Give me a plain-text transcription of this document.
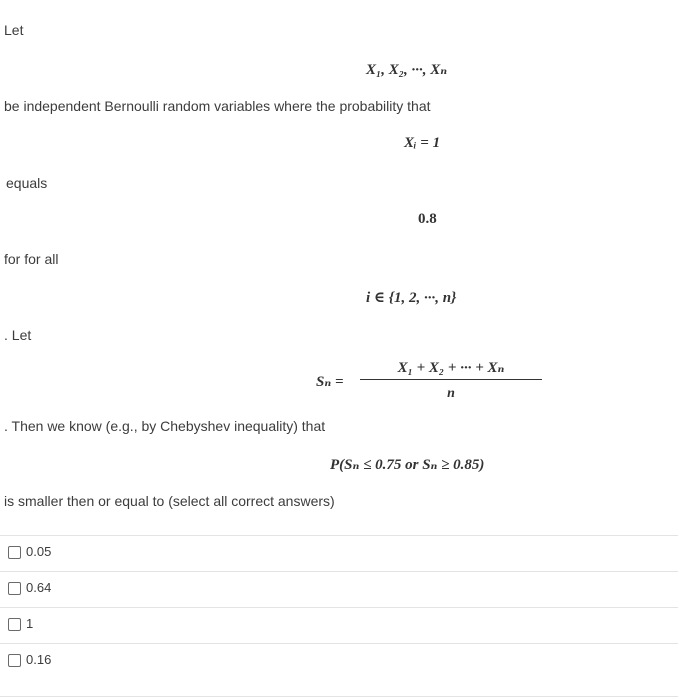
Let
X₁, X₂, ···, Xₙ
be independent Bernoulli random variables where the probability that
Xᵢ = 1
equals
0.8
for for all
i ∈ {1, 2, ···, n}
. Let
Sₙ =
X₁ + X₂ + ··· + Xₙ
n
. Then we know (e.g., by Chebyshev inequality) that
P(Sₙ ≤ 0.75 or Sₙ ≥ 0.85)
is smaller then or equal to (select all correct answers)
0.05
0.64
1
0.16
